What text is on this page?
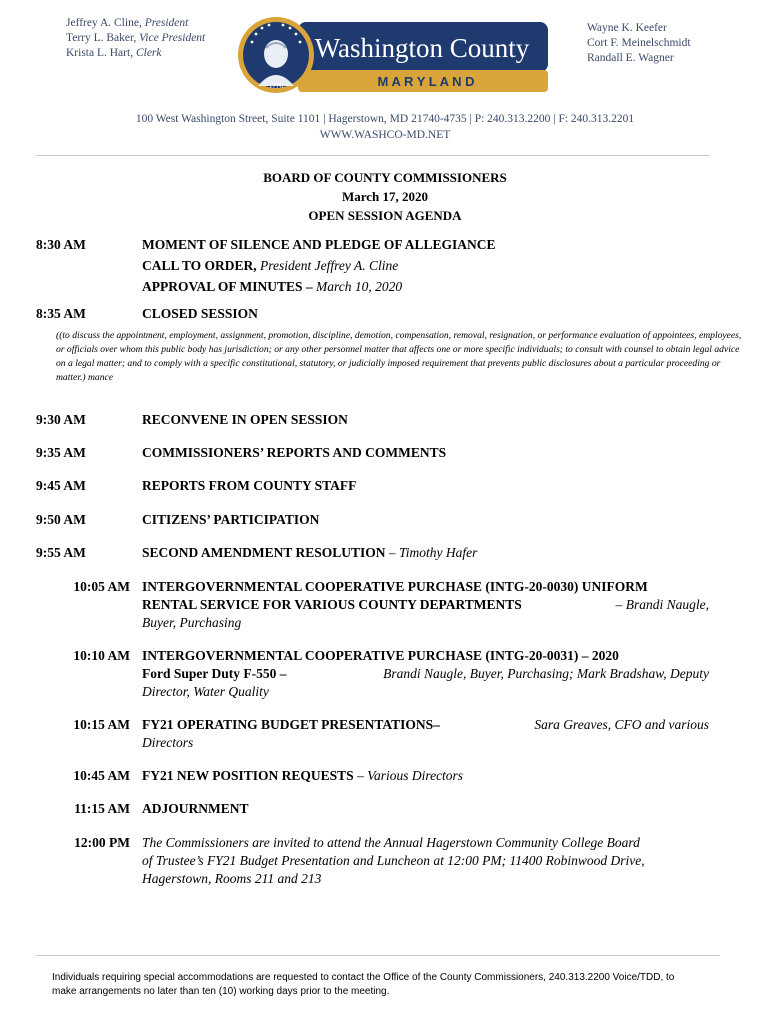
Jeffrey A. Cline, President
Terry L. Baker, Vice President
Krista L. Hart, Clerk
Wayne K. Keefer
Cort F. Meinelschmidt
Randall E. Wagner
1776
Washington County
M A R Y L A N D
100 West Washington Street, Suite 1101 | Hagerstown, MD 21740-4735 | P: 240.313.2200 | F: 240.313.2201
WWW.WASHCO-MD.NET
BOARD OF COUNTY COMMISSIONERS
March 17, 2020
OPEN SESSION AGENDA
8:30 AM	MOMENT OF SILENCE AND PLEDGE OF ALLEGIANCE
CALL TO ORDER, President Jeffrey A. Cline
APPROVAL OF MINUTES – March 10, 2020
8:35 AM	CLOSED SESSION
((to discuss the appointment, employment, assignment, promotion, discipline, demotion, compensation, removal, resignation, or performance evaluation of appointees, employees, or officials over whom this public body has jurisdiction; or any other personnel matter that affects one or more specific individuals; to consult with counsel to obtain legal advice on a legal matter; and to comply with a specific constitutional, statutory, or judicially imposed requirement that prevents public disclosures about a particular proceeding or matter.) mance
9:30 AM	RECONVENE IN OPEN SESSION
9:35 AM	COMMISSIONERS’ REPORTS AND COMMENTS
9:45 AM	REPORTS FROM COUNTY STAFF
9:50 AM	CITIZENS’ PARTICIPATION
9:55 AM	SECOND AMENDMENT RESOLUTION – Timothy Hafer
10:05 AM INTERGOVERNMENTAL COOPERATIVE PURCHASE (INTG-20-0030) UNIFORM
RENTAL SERVICE FOR VARIOUS COUNTY DEPARTMENTS	– Brandi Naugle,
Buyer, Purchasing
10:10 AM INTERGOVERNMENTAL COOPERATIVE PURCHASE (INTG-20-0031) – 2020
Ford Super Duty F-550 –	Brandi Naugle, Buyer, Purchasing; Mark Bradshaw, Deputy
Director, Water Quality
10:15 AM FY21 OPERATING BUDGET PRESENTATIONS–	Sara Greaves, CFO and various
Directors
10:45 AM FY21 NEW POSITION REQUESTS – Various Directors
11:15 AM ADJOURNMENT
12:00 PM The Commissioners are invited to attend the Annual Hagerstown Community College Board
of Trustee’s FY21 Budget Presentation and Luncheon at 12:00 PM; 11400 Robinwood Drive,
Hagerstown, Rooms 211 and 213
Individuals requiring special accommodations are requested to contact the Office of the County Commissioners, 240.313.2200 Voice/TDD, to
make arrangements no later than ten (10) working days prior to the meeting.
